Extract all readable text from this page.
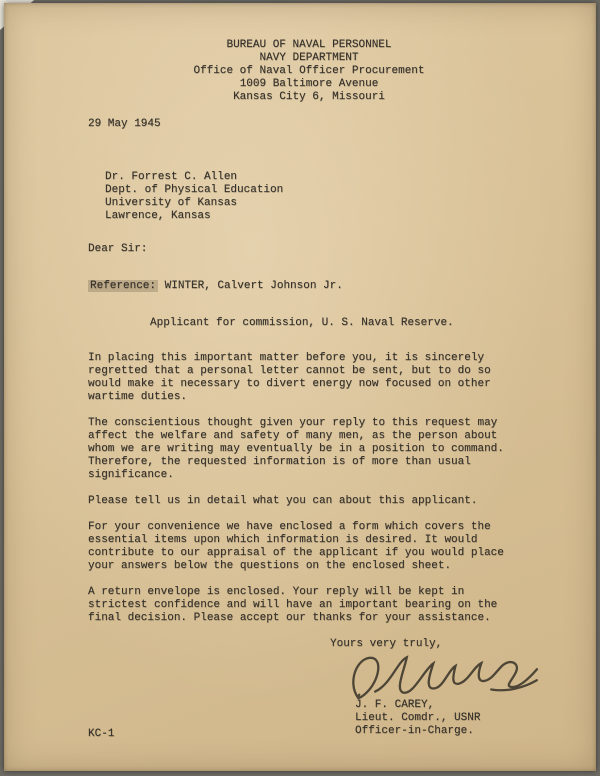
BUREAU OF NAVAL PERSONNEL
NAVY DEPARTMENT
Office of Naval Officer Procurement
1009 Baltimore Avenue
Kansas City 6, Missouri
29 May 1945
Dr. Forrest C. Allen
Dept. of Physical Education
University of Kansas
Lawrence, Kansas
Dear Sir:
Reference: WINTER, Calvert Johnson Jr.
Applicant for commission, U. S. Naval Reserve.

In placing this important matter before you, it is sincerely regretted that a personal letter cannot be sent, but to do so would make it necessary to divert energy now focused on other wartime duties.

The conscientious thought given your reply to this request may affect the welfare and safety of many men, as the person about whom we are writing may eventually be in a position to command. Therefore, the requested information is of more than usual significance.

Please tell us in detail what you can about this applicant.

For your convenience we have enclosed a form which covers the essential items upon which information is desired. It would contribute to our appraisal of the applicant if you would place your answers below the questions on the enclosed sheet.

A return envelope is enclosed. Your reply will be kept in strictest confidence and will have an important bearing on the final decision. Please accept our thanks for your assistance.

Yours very truly,
J. F. CAREY,
Lieut. Comdr., USNR
Officer-in-Charge.
KC-1
